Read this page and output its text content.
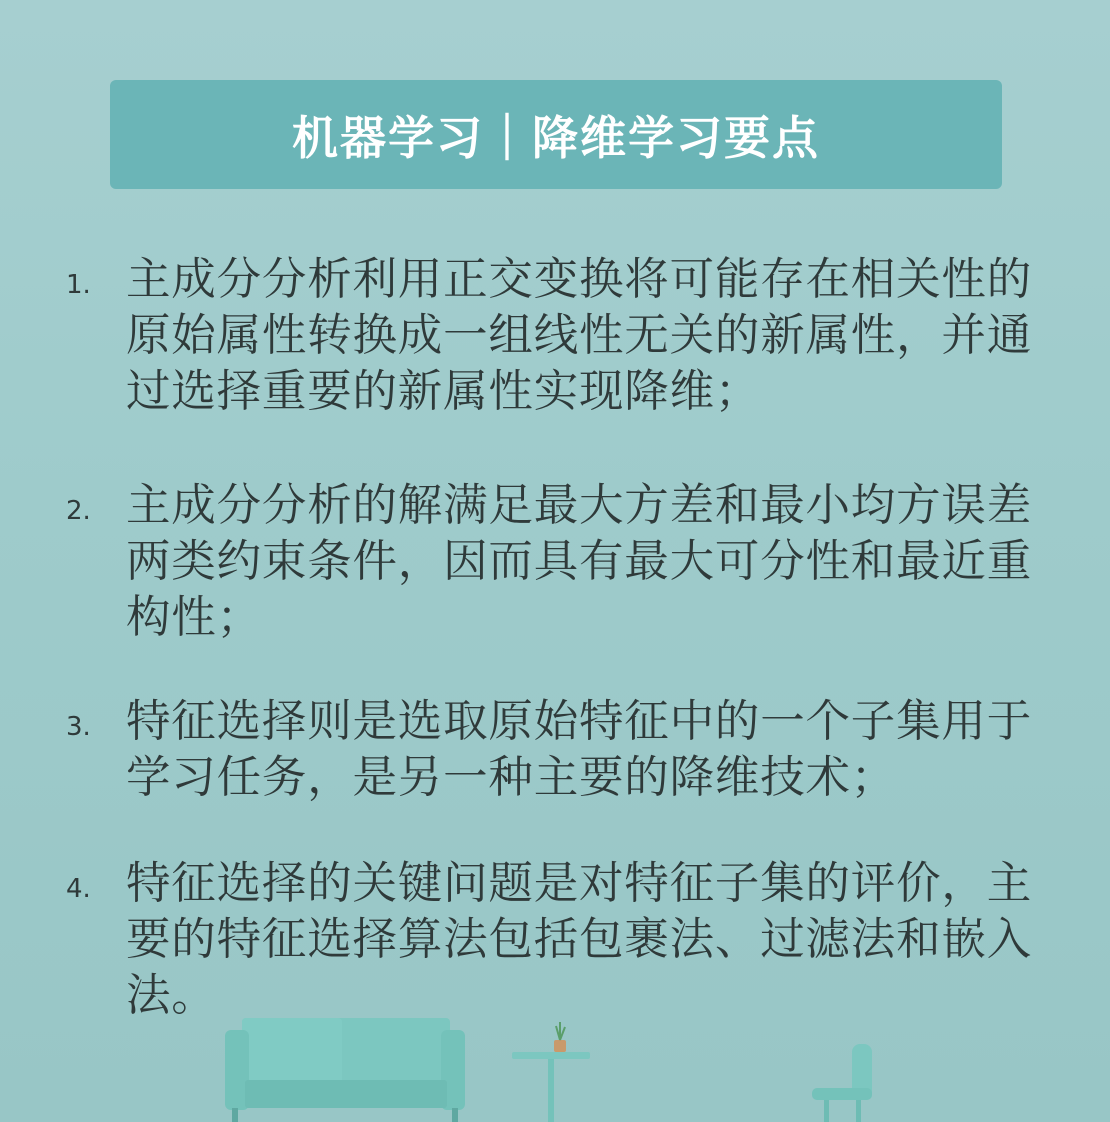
机器学习｜降维学习要点
1. 主成分分析利用正交变换将可能存在相关性的原始属性转换成一组线性无关的新属性，并通过选择重要的新属性实现降维；
2. 主成分分析的解满足最大方差和最小均方误差两类约束条件，因而具有最大可分性和最近重构性；
3. 特征选择则是选取原始特征中的一个子集用于学习任务，是另一种主要的降维技术；
4. 特征选择的关键问题是对特征子集的评价，主要的特征选择算法包括包裹法、过滤法和嵌入法。
